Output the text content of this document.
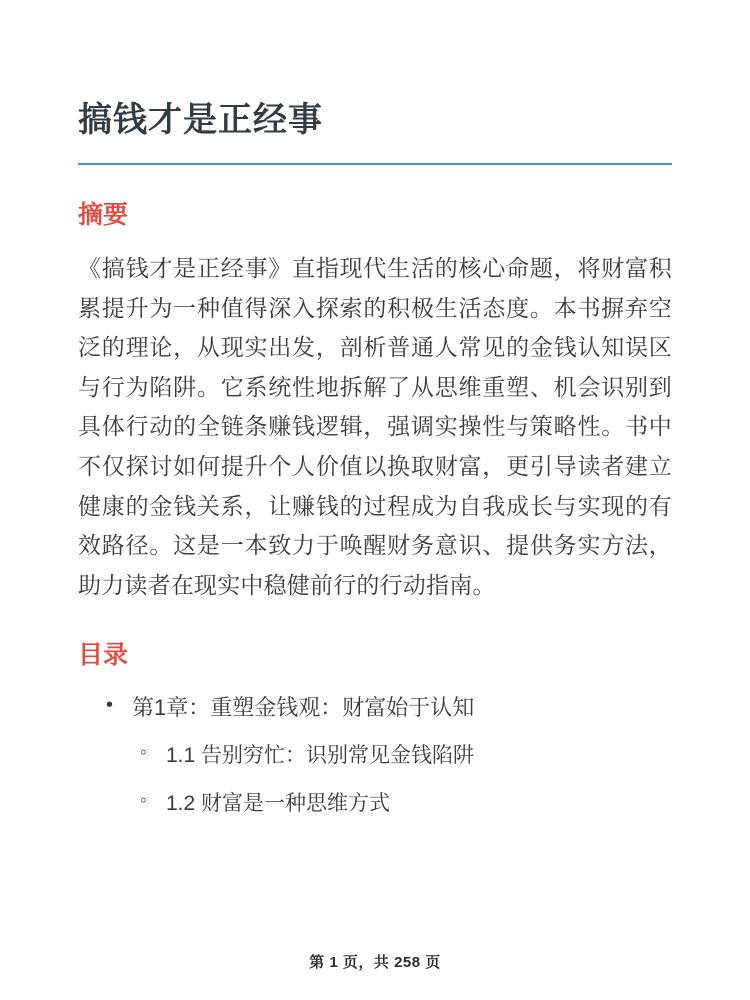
搞钱才是正经事
摘要

《搞钱才是正经事》直指现代生活的核心命题，将财富积累提升为一种值得深入探索的积极生活态度。本书摒弃空泛的理论，从现实出发，剖析普通人常见的金钱认知误区与行为陷阱。它系统性地拆解了从思维重塑、机会识别到具体行动的全链条赚钱逻辑，强调实操性与策略性。书中不仅探讨如何提升个人价值以换取财富，更引导读者建立健康的金钱关系，让赚钱的过程成为自我成长与实现的有效路径。这是一本致力于唤醒财务意识、提供务实方法，助力读者在现实中稳健前行的行动指南。

目录
• 第1章：重塑金钱观：财富始于认知
◦ 1.1 告别穷忙：识别常见金钱陷阱
◦ 1.2 财富是一种思维方式
第 1 页，共 258 页
